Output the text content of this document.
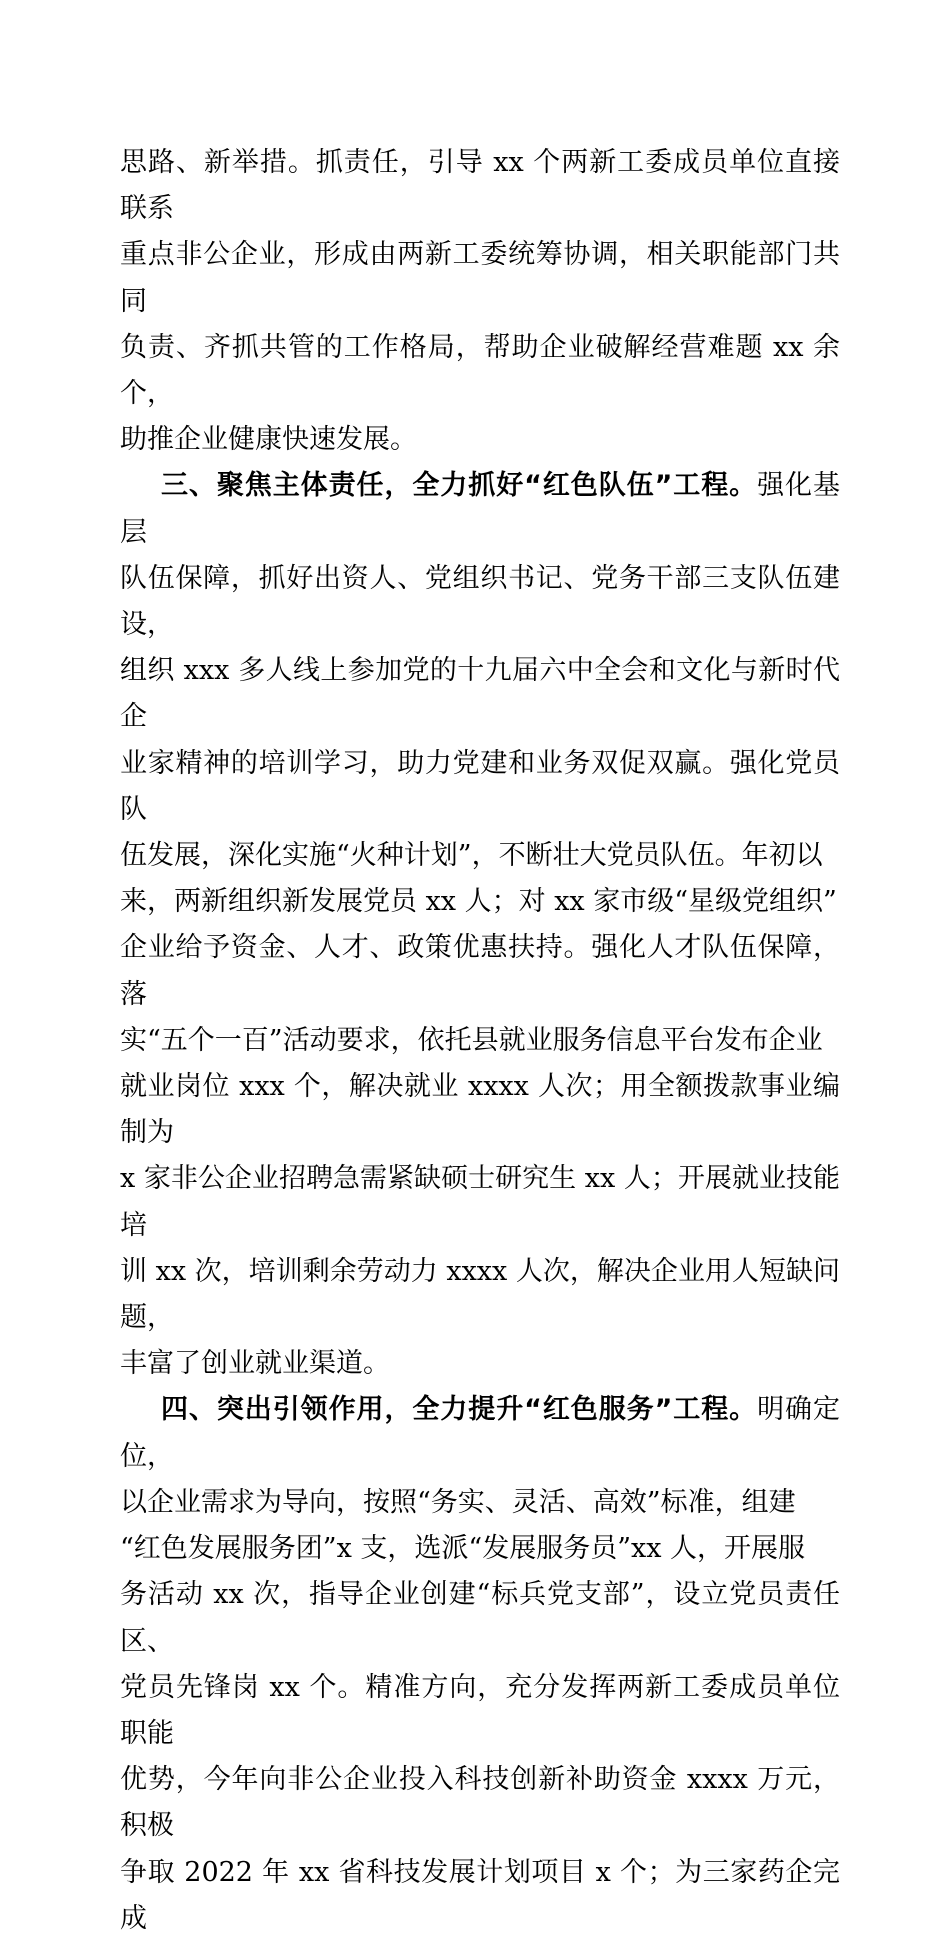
思路、新举措。抓责任，引导 xx 个两新工委成员单位直接联系
重点非公企业，形成由两新工委统筹协调，相关职能部门共同
负责、齐抓共管的工作格局，帮助企业破解经营难题 xx 余个，
助推企业健康快速发展。

三、聚焦主体责任，全力抓好“红色队伍”工程。强化基层
队伍保障，抓好出资人、党组织书记、党务干部三支队伍建设，
组织 xxx 多人线上参加党的十九届六中全会和文化与新时代企
业家精神的培训学习，助力党建和业务双促双赢。强化党员队
伍发展，深化实施“火种计划”，不断壮大党员队伍。年初以
来，两新组织新发展党员 xx 人；对 xx 家市级“星级党组织”
企业给予资金、人才、政策优惠扶持。强化人才队伍保障，落
实“五个一百”活动要求，依托县就业服务信息平台发布企业
就业岗位 xxx 个，解决就业 xxxx 人次；用全额拨款事业编制为
x 家非公企业招聘急需紧缺硕士研究生 xx 人；开展就业技能培
训 xx 次，培训剩余劳动力 xxxx 人次，解决企业用人短缺问题，
丰富了创业就业渠道。

四、突出引领作用，全力提升“红色服务”工程。明确定位，
以企业需求为导向，按照“务实、灵活、高效”标准，组建
“红色发展服务团”x 支，选派“发展服务员”xx 人，开展服
务活动 xx 次，指导企业创建“标兵党支部”，设立党员责任区、
党员先锋岗 xx 个。精准方向，充分发挥两新工委成员单位职能
优势，今年向非公企业投入科技创新补助资金 xxxx 万元，积极
争取 2022 年 xx 省科技发展计划项目 x 个；为三家药企完成
